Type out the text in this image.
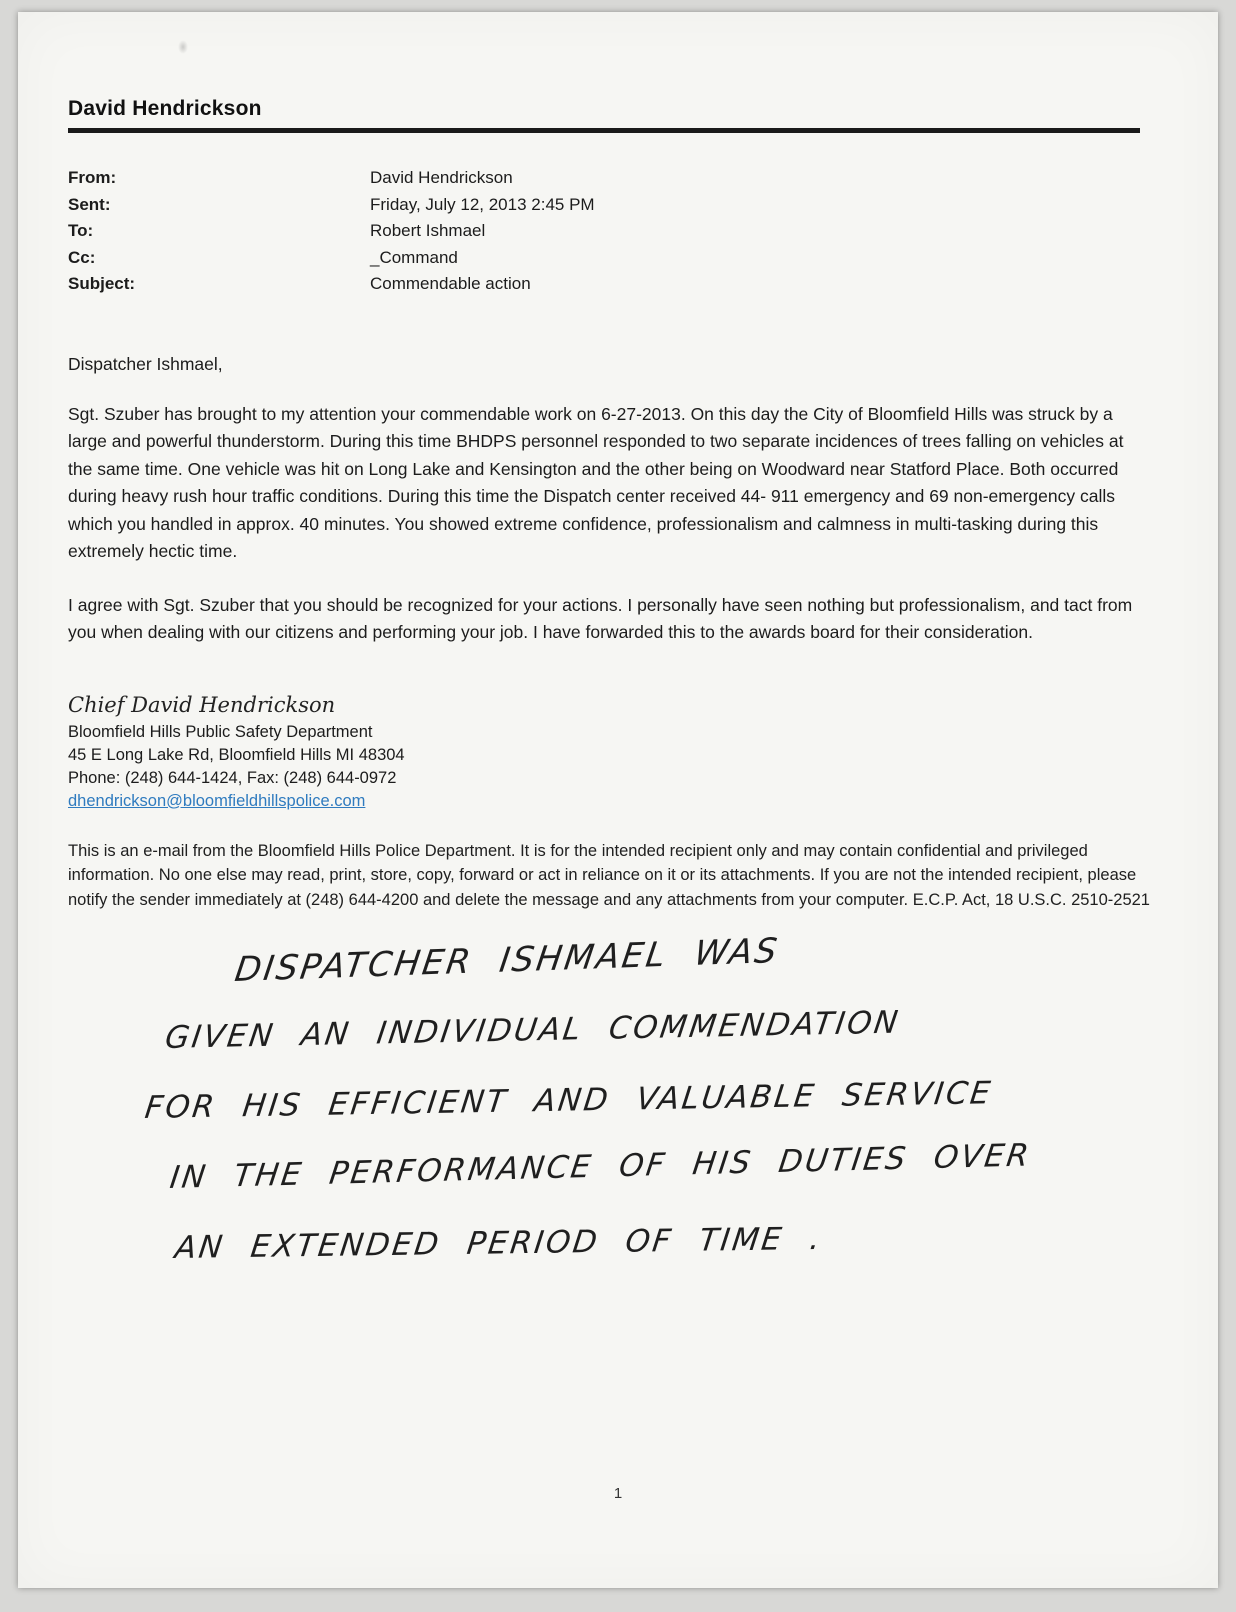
David Hendrickson
From:	David Hendrickson
Sent:	Friday, July 12, 2013 2:45 PM
To:	Robert Ishmael
Cc:	_Command
Subject:	Commendable action
Dispatcher Ishmael,
Sgt. Szuber has brought to my attention your commendable work on 6-27-2013. On this day the City of Bloomfield Hills was struck by a large and powerful thunderstorm. During this time BHDPS personnel responded to two separate incidences of trees falling on vehicles at the same time. One vehicle was hit on Long Lake and Kensington and the other being on Woodward near Statford Place. Both occurred during heavy rush hour traffic conditions. During this time the Dispatch center received 44- 911 emergency and 69 non-emergency calls which you handled in approx. 40 minutes. You showed extreme confidence, professionalism and calmness in multi-tasking during this extremely hectic time.
I agree with Sgt. Szuber that you should be recognized for your actions. I personally have seen nothing but professionalism, and tact from you when dealing with our citizens and performing your job. I have forwarded this to the awards board for their consideration.
Chief David Hendrickson
Bloomfield Hills Public Safety Department
45 E Long Lake Rd, Bloomfield Hills MI 48304
Phone: (248) 644-1424, Fax: (248) 644-0972
dhendrickson@bloomfieldhillspolice.com
This is an e-mail from the Bloomfield Hills Police Department. It is for the intended recipient only and may contain confidential and privileged information. No one else may read, print, store, copy, forward or act in reliance on it or its attachments. If you are not the intended recipient, please notify the sender immediately at (248) 644-4200 and delete the message and any attachments from your computer. E.C.P. Act, 18 U.S.C. 2510-2521
DISPATCHER ISHMAEL WAS
GIVEN AN INDIVIDUAL COMMENDATION
FOR HIS EFFICIENT AND VALUABLE SERVICE
IN THE PERFORMANCE OF HIS DUTIES OVER
AN EXTENDED PERIOD OF TIME .
1
